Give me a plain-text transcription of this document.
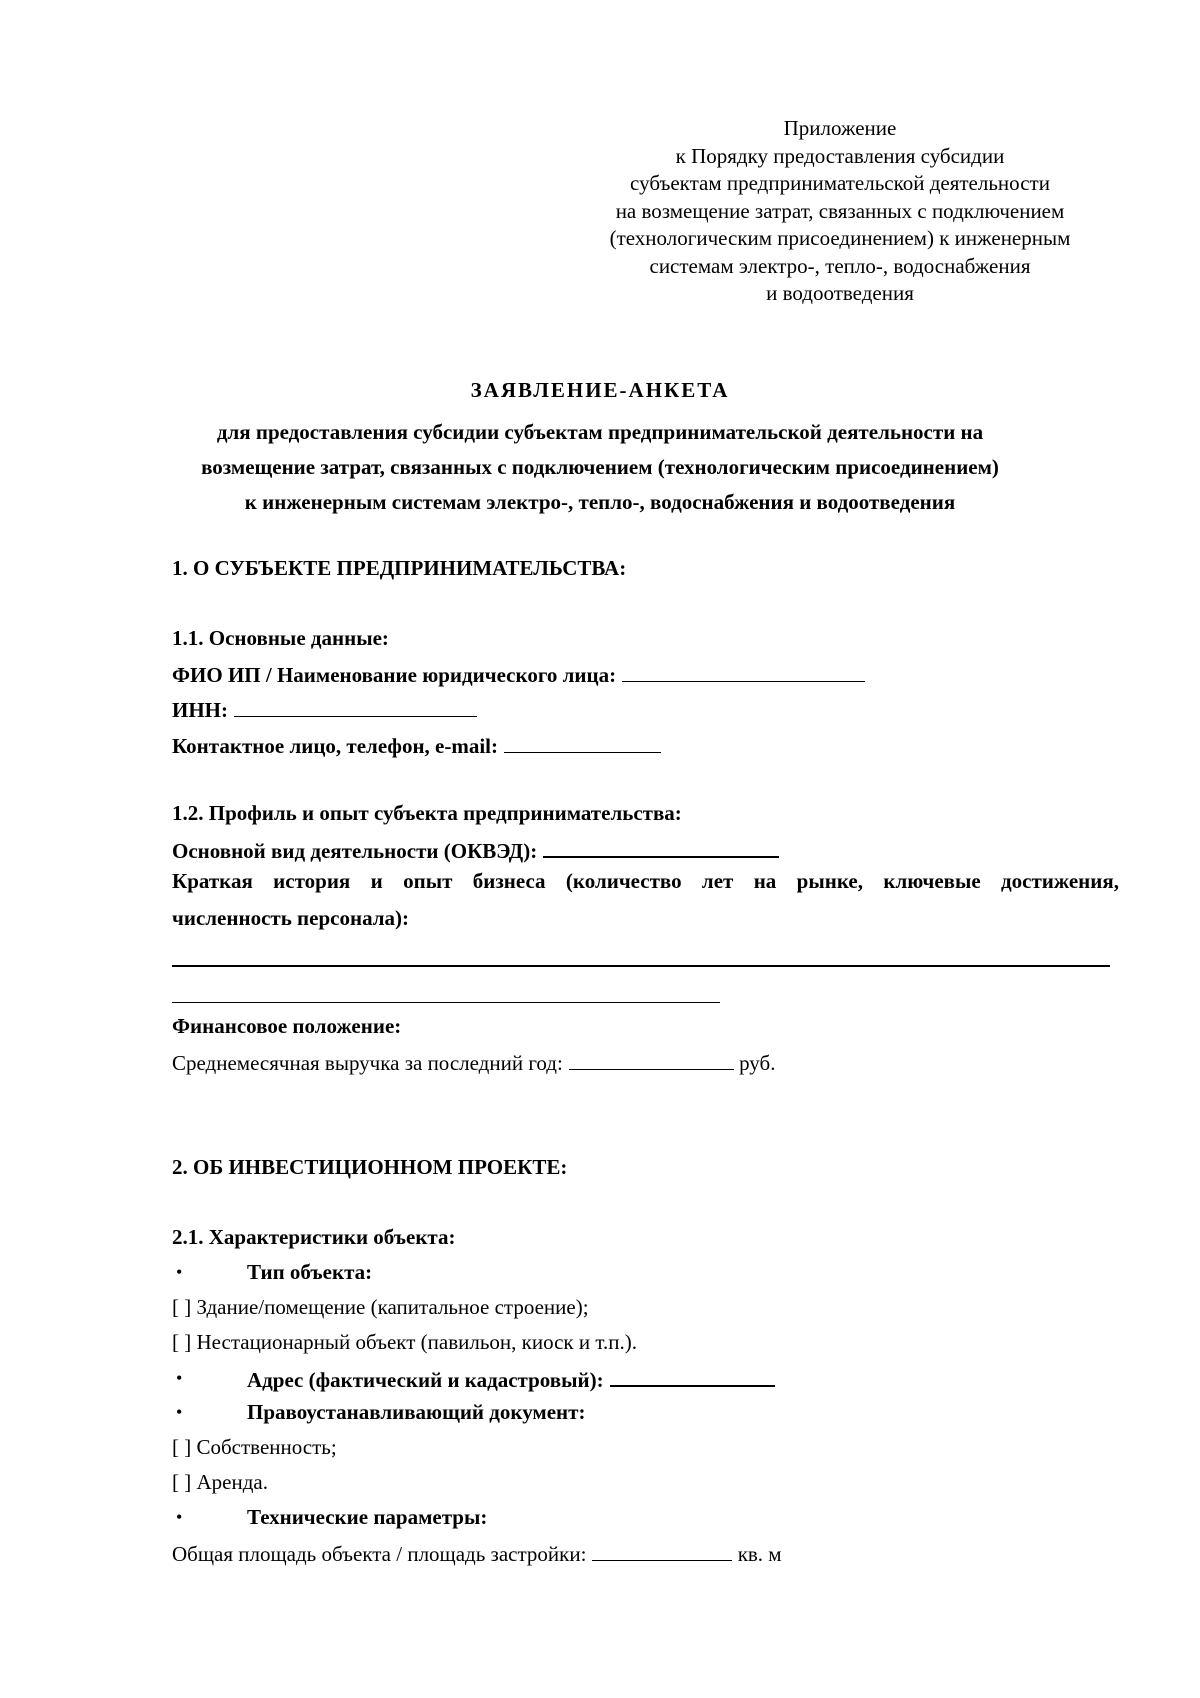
Приложение
к Порядку предоставления субсидии
субъектам предпринимательской деятельности
на возмещение затрат, связанных с подключением
(технологическим присоединением) к инженерным
системам электро-, тепло-, водоснабжения
и водоотведения
ЗАЯВЛЕНИЕ-АНКЕТА
для предоставления субсидии субъектам предпринимательской деятельности на
возмещение затрат, связанных с подключением (технологическим присоединением)
к инженерным системам электро-, тепло-, водоснабжения и водоотведения
1. О СУБЪЕКТЕ ПРЕДПРИНИМАТЕЛЬСТВА:
1.1. Основные данные:
ФИО ИП / Наименование юридического лица:
ИНН:
Контактное лицо, телефон, e-mail:
1.2. Профиль и опыт субъекта предпринимательства:
Основной вид деятельности (ОКВЭД):
Краткая история и опыт бизнеса (количество лет на рынке, ключевые достижения,
численность персонала):
Финансовое положение:
Среднемесячная выручка за последний год:	руб.
2. ОБ ИНВЕСТИЦИОННОМ ПРОЕКТЕ:
2.1. Характеристики объекта:
•	Тип объекта:
[ ] Здание/помещение (капитальное строение);
[ ] Нестационарный объект (павильон, киоск и т.п.).
•	Адрес (фактический и кадастровый):
•	Правоустанавливающий документ:
[ ] Собственность;
[ ] Аренда.
•	Технические параметры:
Общая площадь объекта / площадь застройки:	кв. м
